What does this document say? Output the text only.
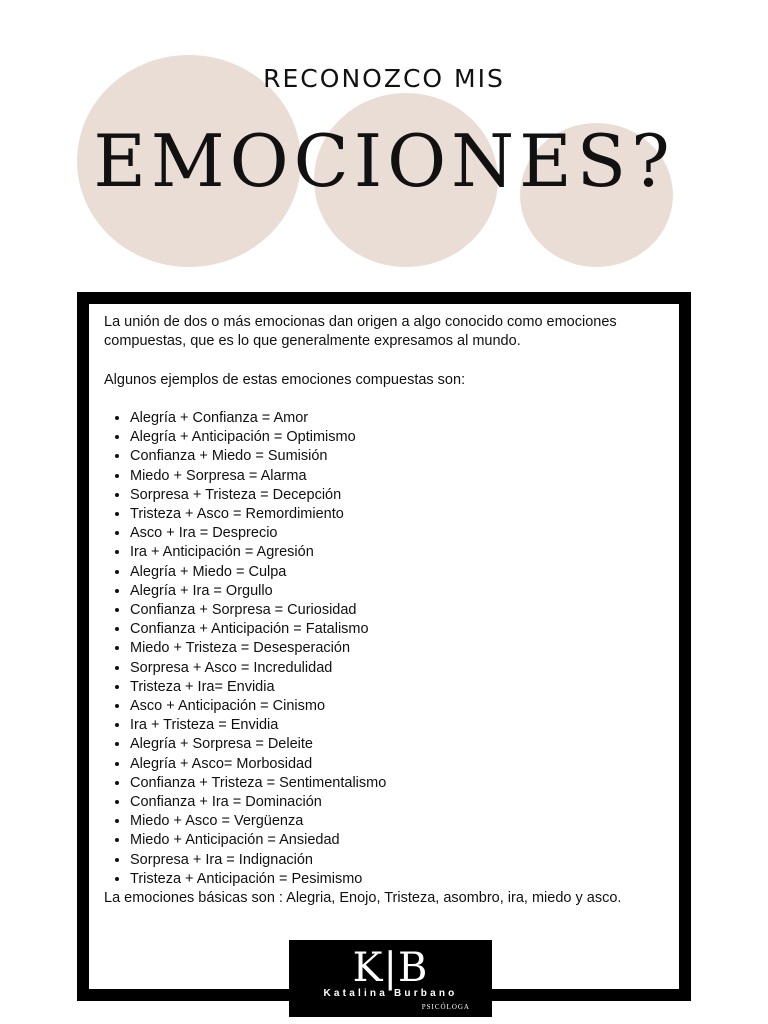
RECONOZCO MIS
EMOCIONES?

La unión de dos o más emocionas dan origen a algo conocido como emociones compuestas, que es lo que generalmente expresamos al mundo.

Algunos ejemplos de estas emociones compuestas son:

• Alegría + Confianza = Amor
• Alegría + Anticipación = Optimismo
• Confianza + Miedo = Sumisión
• Miedo + Sorpresa = Alarma
• Sorpresa + Tristeza = Decepción
• Tristeza + Asco = Remordimiento
• Asco + Ira = Desprecio
• Ira + Anticipación = Agresión
• Alegría + Miedo = Culpa
• Alegría + Ira = Orgullo
• Confianza + Sorpresa = Curiosidad
• Confianza + Anticipación = Fatalismo
• Miedo + Tristeza = Desesperación
• Sorpresa + Asco = Incredulidad
• Tristeza + Ira= Envidia
• Asco + Anticipación = Cinismo
• Ira + Tristeza = Envidia
• Alegría + Sorpresa = Deleite
• Alegría + Asco= Morbosidad
• Confianza + Tristeza = Sentimentalismo
• Confianza + Ira = Dominación
• Miedo + Asco = Vergüenza
• Miedo + Anticipación = Ansiedad
• Sorpresa + Ira = Indignación
• Tristeza + Anticipación = Pesimismo

La emociones básicas son : Alegria, Enojo, Tristeza, asombro, ira, miedo y asco.

K|B
Katalina Burbano
PSICÓLOGA
